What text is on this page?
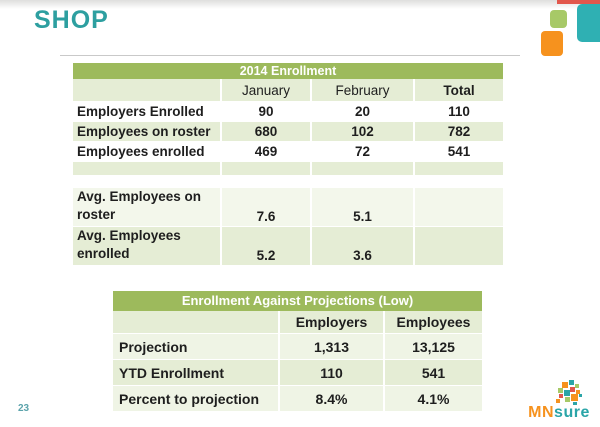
SHOP
2014 Enrollment
	January	February	Total
Employers Enrolled	90	20	110
Employees on roster	680	102	782
Employees enrolled	469	72	541

Avg. Employees on roster	7.6	5.1	
Avg. Employees enrolled	5.2	3.6	
Enrollment Against Projections (Low)
	Employers	Employees
Projection	1,313	13,125
YTD Enrollment	110	541
Percent to projection	8.4%	4.1%
23	MNsure
